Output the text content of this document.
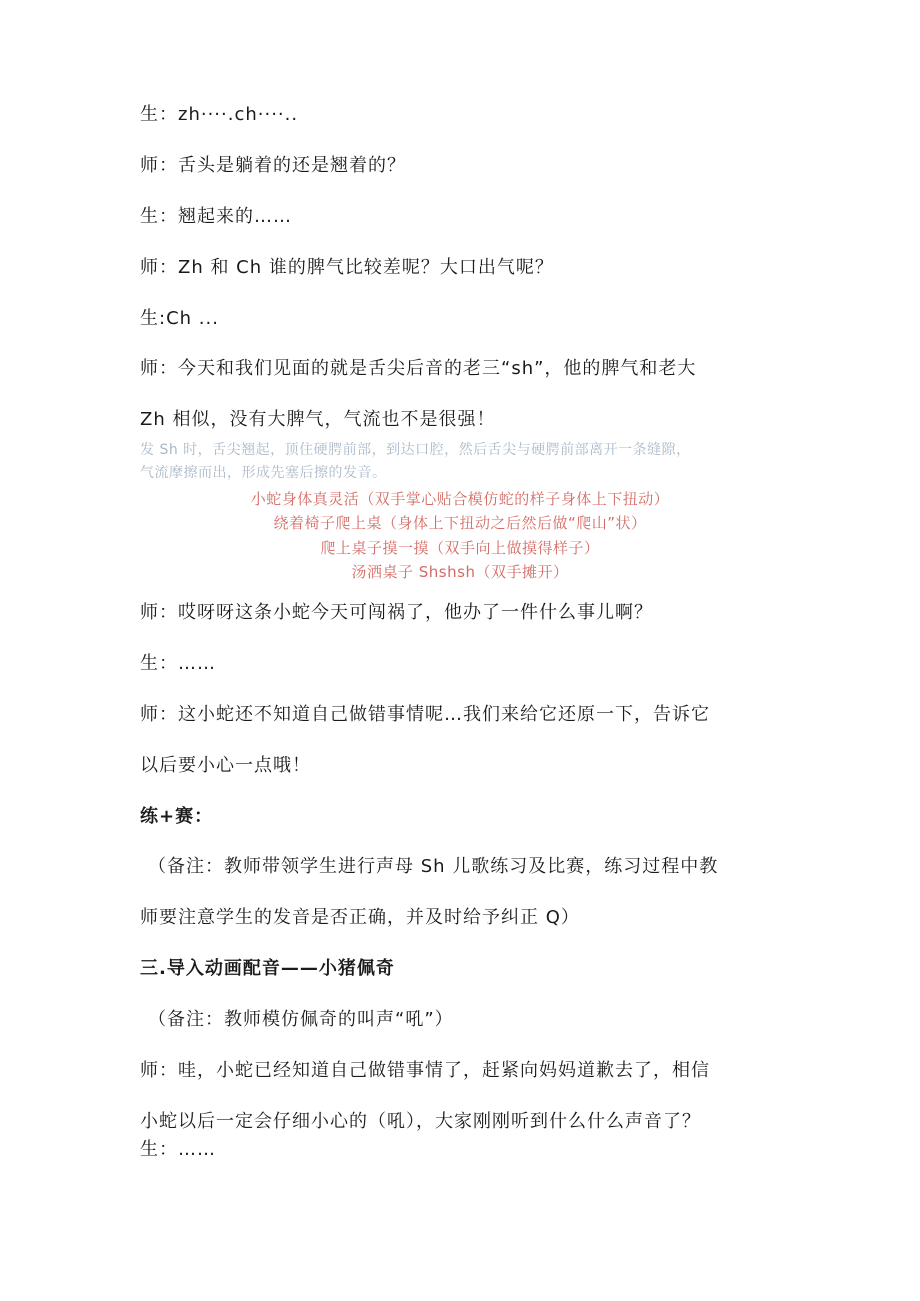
生：zh····.ch····..
师：舌头是躺着的还是翘着的？
生：翘起来的……
师：Zh 和 Ch 谁的脾气比较差呢？大口出气呢？
生:Ch ...
师：今天和我们见面的就是舌尖后音的老三“sh”，他的脾气和老大
Zh 相似，没有大脾气，气流也不是很强！
发 Sh 时，舌尖翘起，顶住硬腭前部，到达口腔，然后舌尖与硬腭前部离开一条缝隙，
气流摩擦而出，形成先塞后擦的发音。
小蛇身体真灵活（双手掌心贴合模仿蛇的样子身体上下扭动）
绕着椅子爬上桌（身体上下扭动之后然后做“爬山”状）
爬上桌子摸一摸（双手向上做摸得样子）
汤洒桌子 Shshsh（双手摊开）
师：哎呀呀这条小蛇今天可闯祸了，他办了一件什么事儿啊？
生：……
师：这小蛇还不知道自己做错事情呢…我们来给它还原一下，告诉它
以后要小心一点哦！
练+赛：
（备注：教师带领学生进行声母 Sh 儿歌练习及比赛，练习过程中教
师要注意学生的发音是否正确，并及时给予纠正 Q）
三.导入动画配音——小猪佩奇
（备注：教师模仿佩奇的叫声“吼”）
师：哇，小蛇已经知道自己做错事情了，赶紧向妈妈道歉去了，相信
小蛇以后一定会仔细小心的（吼），大家刚刚听到什么什么声音了？
生：……
